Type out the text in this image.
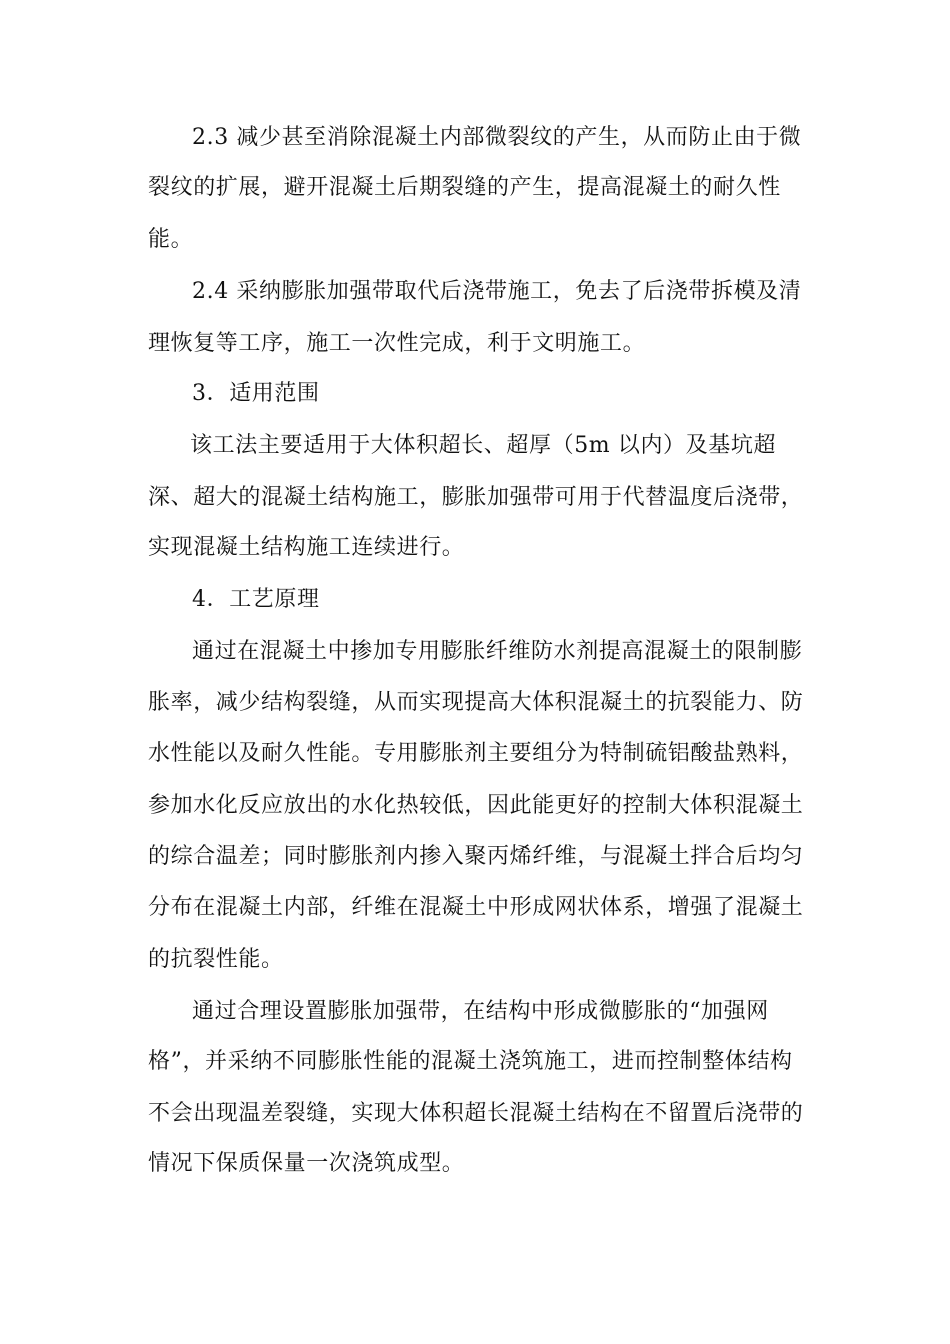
2.3 减少甚至消除混凝土内部微裂纹的产生，从而防止由于微
裂纹的扩展，避开混凝土后期裂缝的产生，提高混凝土的耐久性
能。
2.4 采纳膨胀加强带取代后浇带施工，免去了后浇带拆模及清
理恢复等工序，施工一次性完成，利于文明施工。
3．适用范围
该工法主要适用于大体积超长、超厚（5m 以内）及基坑超
深、超大的混凝土结构施工，膨胀加强带可用于代替温度后浇带，
实现混凝土结构施工连续进行。
4．工艺原理
通过在混凝土中掺加专用膨胀纤维防水剂提高混凝土的限制膨
胀率，减少结构裂缝，从而实现提高大体积混凝土的抗裂能力、防
水性能以及耐久性能。专用膨胀剂主要组分为特制硫铝酸盐熟料，
参加水化反应放出的水化热较低，因此能更好的控制大体积混凝土
的综合温差；同时膨胀剂内掺入聚丙烯纤维，与混凝土拌合后均匀
分布在混凝土内部，纤维在混凝土中形成网状体系，增强了混凝土
的抗裂性能。
通过合理设置膨胀加强带，在结构中形成微膨胀的“加强网
格”，并采纳不同膨胀性能的混凝土浇筑施工，进而控制整体结构
不会出现温差裂缝，实现大体积超长混凝土结构在不留置后浇带的
情况下保质保量一次浇筑成型。
